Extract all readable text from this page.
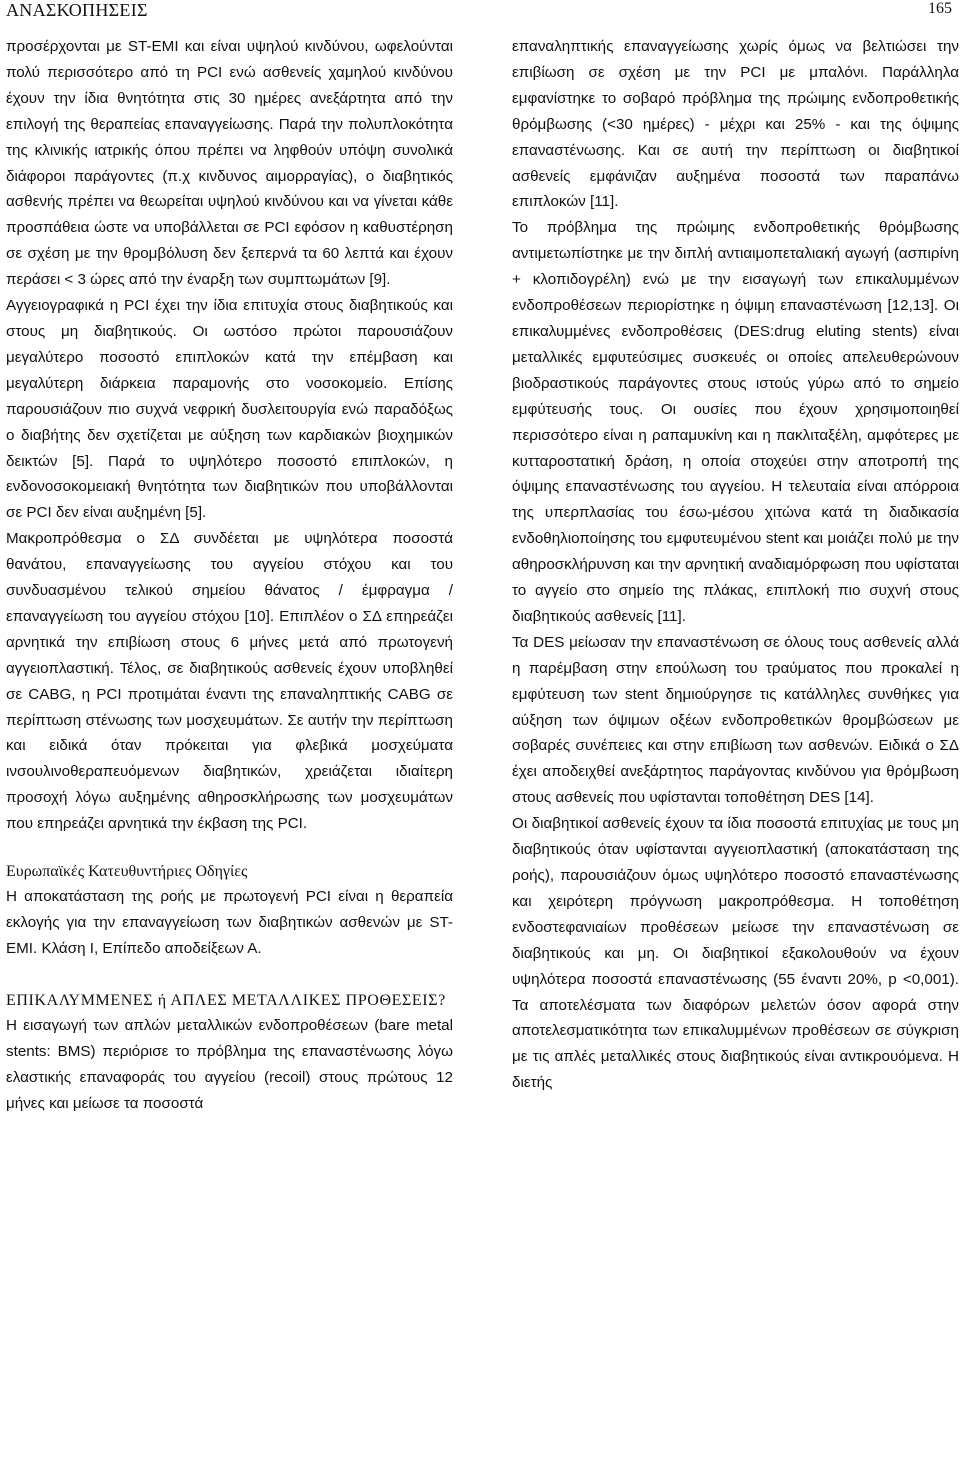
ΑΝΑΣΚΟΠΗΣΕΙΣ	165

προσέρχονται με ST-EMI και είναι υψηλού κινδύνου, ωφελούνται πολύ περισσότερο από τη PCI ενώ ασθενείς χαμηλού κινδύνου έχουν την ίδια θνητότητα στις 30 ημέρες ανεξάρτητα από την επιλογή της θεραπείας επαναγγείωσης. Παρά την πολυπλοκότητα της κλινικής ιατρικής όπου πρέπει να ληφθούν υπόψη συνολικά διάφοροι παράγοντες (π.χ κινδυνος αιμορραγίας), ο διαβητικός ασθενής πρέπει να θεωρείται υψηλού κινδύνου και να γίνεται κάθε προσπάθεια ώστε να υποβάλλεται σε PCI εφόσον η καθυστέρηση σε σχέση με την θρομβόλυση δεν ξεπερνά τα 60 λεπτά και έχουν περάσει < 3 ώρες από την έναρξη των συμπτωμάτων [9].

Αγγειογραφικά η PCI έχει την ίδια επιτυχία στους διαβητικούς και στους μη διαβητικούς. Οι ωστόσο πρώτοι παρουσιάζουν μεγαλύτερο ποσοστό επιπλοκών κατά την επέμβαση και μεγαλύτερη διάρκεια παραμονής στο νοσοκομείο. Επίσης παρουσιάζουν πιο συχνά νεφρική δυσλειτουργία ενώ παραδόξως ο διαβήτης δεν σχετίζεται με αύξηση των καρδιακών βιοχημικών δεικτών [5]. Παρά το υψηλότερο ποσοστό επιπλοκών, η ενδονοσοκομειακή θνητότητα των διαβητικών που υποβάλλονται σε PCI δεν είναι αυξημένη [5].

Μακροπρόθεσμα ο ΣΔ συνδέεται με υψηλότερα ποσοστά θανάτου, επαναγγείωσης του αγγείου στόχου και του συνδυασμένου τελικού σημείου θάνατος / έμφραγμα / επαναγγείωση του αγγείου στόχου [10]. Επιπλέον ο ΣΔ επηρεάζει αρνητικά την επιβίωση στους 6 μήνες μετά από πρωτογενή αγγειοπλαστική. Τέλος, σε διαβητικούς ασθενείς έχουν υποβληθεί σε CABG, η PCI προτιμάται έναντι της επαναληπτικής CABG σε περίπτωση στένωσης των μοσχευμάτων. Σε αυτήν την περίπτωση και ειδικά όταν πρόκειται για φλεβικά μοσχεύματα ινσουλινοθεραπευόμενων διαβητικών, χρειάζεται ιδιαίτερη προσοχή λόγω αυξημένης αθηροσκλήρωσης των μοσχευμάτων που επηρεάζει αρνητικά την έκβαση της PCI.

Ευρωπαϊκές Κατευθυντήριες Οδηγίες

Η αποκατάσταση της ροής με πρωτογενή PCI είναι η θεραπεία εκλογής για την επαναγγείωση των διαβητικών ασθενών με ST-EMI. Κλάση I, Επίπεδο αποδείξεων Α.

ΕΠΙΚΑΛΥΜΜΕΝΕΣ ή ΑΠΛΕΣ ΜΕΤΑΛΛΙΚΕΣ ΠΡΟΘΕΣΕΙΣ?

Η εισαγωγή των απλών μεταλλικών ενδοπροθέσεων (bare metal stents: BMS) περιόρισε το πρόβλημα της επαναστένωσης λόγω ελαστικής επαναφοράς του αγγείου (recoil) στους πρώτους 12 μήνες και μείωσε τα ποσοστά

επαναληπτικής επαναγγείωσης χωρίς όμως να βελτιώσει την επιβίωση σε σχέση με την PCI με μπαλόνι. Παράλληλα εμφανίστηκε το σοβαρό πρόβλημα της πρώιμης ενδοπροθετικής θρόμβωσης (<30 ημέρες) - μέχρι και 25% - και της όψιμης επαναστένωσης. Και σε αυτή την περίπτωση οι διαβητικοί ασθενείς εμφάνιζαν αυξημένα ποσοστά των παραπάνω επιπλοκών [11].

Το πρόβλημα της πρώιμης ενδοπροθετικής θρόμβωσης αντιμετωπίστηκε με την διπλή αντιαιμοπεταλιακή αγωγή (ασπιρίνη + κλοπιδογρέλη) ενώ με την εισαγωγή των επικαλυμμένων ενδοπροθέσεων περιορίστηκε η όψιμη επαναστένωση [12,13]. Οι επικαλυμμένες ενδοπροθέσεις (DES:drug eluting stents) είναι μεταλλικές εμφυτεύσιμες συσκευές οι οποίες απελευθερώνουν βιοδραστικούς παράγοντες στους ιστούς γύρω από το σημείο εμφύτευσής τους. Οι ουσίες που έχουν χρησιμοποιηθεί περισσότερο είναι η ραπαμυκίνη και η πακλιταξέλη, αμφότερες με κυτταροστατική δράση, η οποία στοχεύει στην αποτροπή της όψιμης επαναστένωσης του αγγείου. Η τελευταία είναι απόρροια της υπερπλασίας του έσω-μέσου χιτώνα κατά τη διαδικασία ενδοθηλιοποίησης του εμφυτευμένου stent και μοιάζει πολύ με την αθηροσκλήρυνση και την αρνητική αναδιαμόρφωση που υφίσταται το αγγείο στο σημείο της πλάκας, επιπλοκή πιο συχνή στους διαβητικούς ασθενείς [11].

Τα DES μείωσαν την επαναστένωση σε όλους τους ασθενείς αλλά η παρέμβαση στην επούλωση του τραύματος που προκαλεί η εμφύτευση των stent δημιούργησε τις κατάλληλες συνθήκες για αύξηση των όψιμων οξέων ενδοπροθετικών θρομβώσεων με σοβαρές συνέπειες και στην επιβίωση των ασθενών. Ειδικά ο ΣΔ έχει αποδειχθεί ανεξάρτητος παράγοντας κινδύνου για θρόμβωση στους ασθενείς που υφίστανται τοποθέτηση DES [14].

Οι διαβητικοί ασθενείς έχουν τα ίδια ποσοστά επιτυχίας με τους μη διαβητικούς όταν υφίστανται αγγειοπλαστική (αποκατάσταση της ροής), παρουσιάζουν όμως υψηλότερο ποσοστό επαναστένωσης και χειρότερη πρόγνωση μακροπρόθεσμα. Η τοποθέτηση ενδοστεφανιαίων προθέσεων μείωσε την επαναστένωση σε διαβητικούς και μη. Οι διαβητικοί εξακολουθούν να έχουν υψηλότερα ποσοστά επαναστένωσης (55 έναντι 20%, p <0,001). Τα αποτελέσματα των διαφόρων μελετών όσον αφορά στην αποτελεσματικότητα των επικαλυμμένων προθέσεων σε σύγκριση με τις απλές μεταλλικές στους διαβητικούς είναι αντικρουόμενα. Η διετής
